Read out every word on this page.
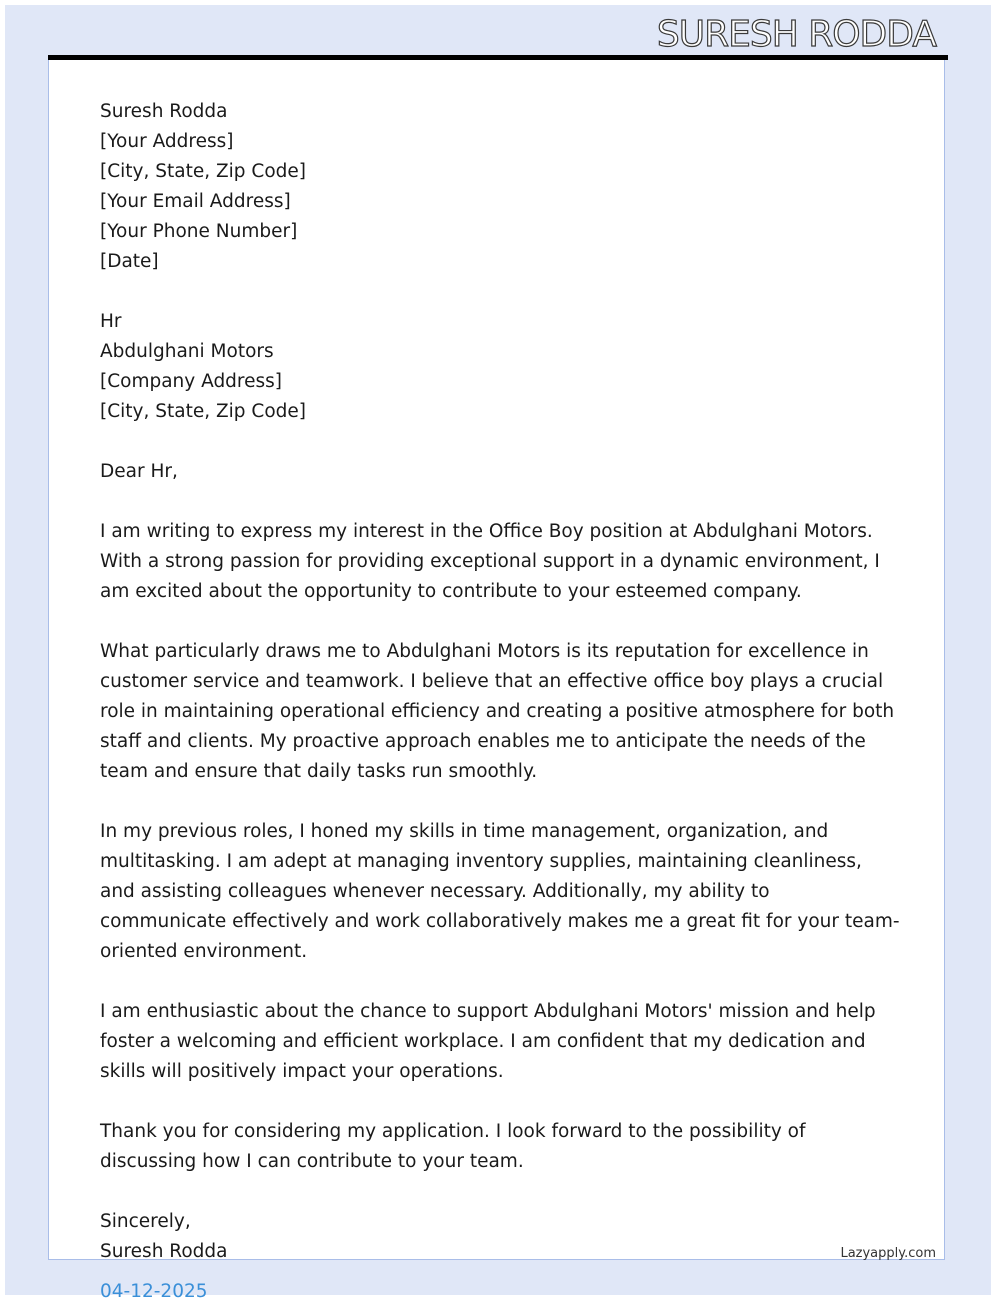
SURESH RODDA

Suresh Rodda
[Your Address]
[City, State, Zip Code]
[Your Email Address]
[Your Phone Number]
[Date]

Hr
Abdulghani Motors
[Company Address]
[City, State, Zip Code]

Dear Hr,

I am writing to express my interest in the Office Boy position at Abdulghani Motors. With a strong passion for providing exceptional support in a dynamic environment, I am excited about the opportunity to contribute to your esteemed company.

What particularly draws me to Abdulghani Motors is its reputation for excellence in customer service and teamwork. I believe that an effective office boy plays a crucial role in maintaining operational efficiency and creating a positive atmosphere for both staff and clients. My proactive approach enables me to anticipate the needs of the team and ensure that daily tasks run smoothly.

In my previous roles, I honed my skills in time management, organization, and multitasking. I am adept at managing inventory supplies, maintaining cleanliness, and assisting colleagues whenever necessary. Additionally, my ability to communicate effectively and work collaboratively makes me a great fit for your team-oriented environment.

I am enthusiastic about the chance to support Abdulghani Motors' mission and help foster a welcoming and efficient workplace. I am confident that my dedication and skills will positively impact your operations.

Thank you for considering my application. I look forward to the possibility of discussing how I can contribute to your team.

Sincerely,
Suresh Rodda	Lazyapply.com
04-12-2025
